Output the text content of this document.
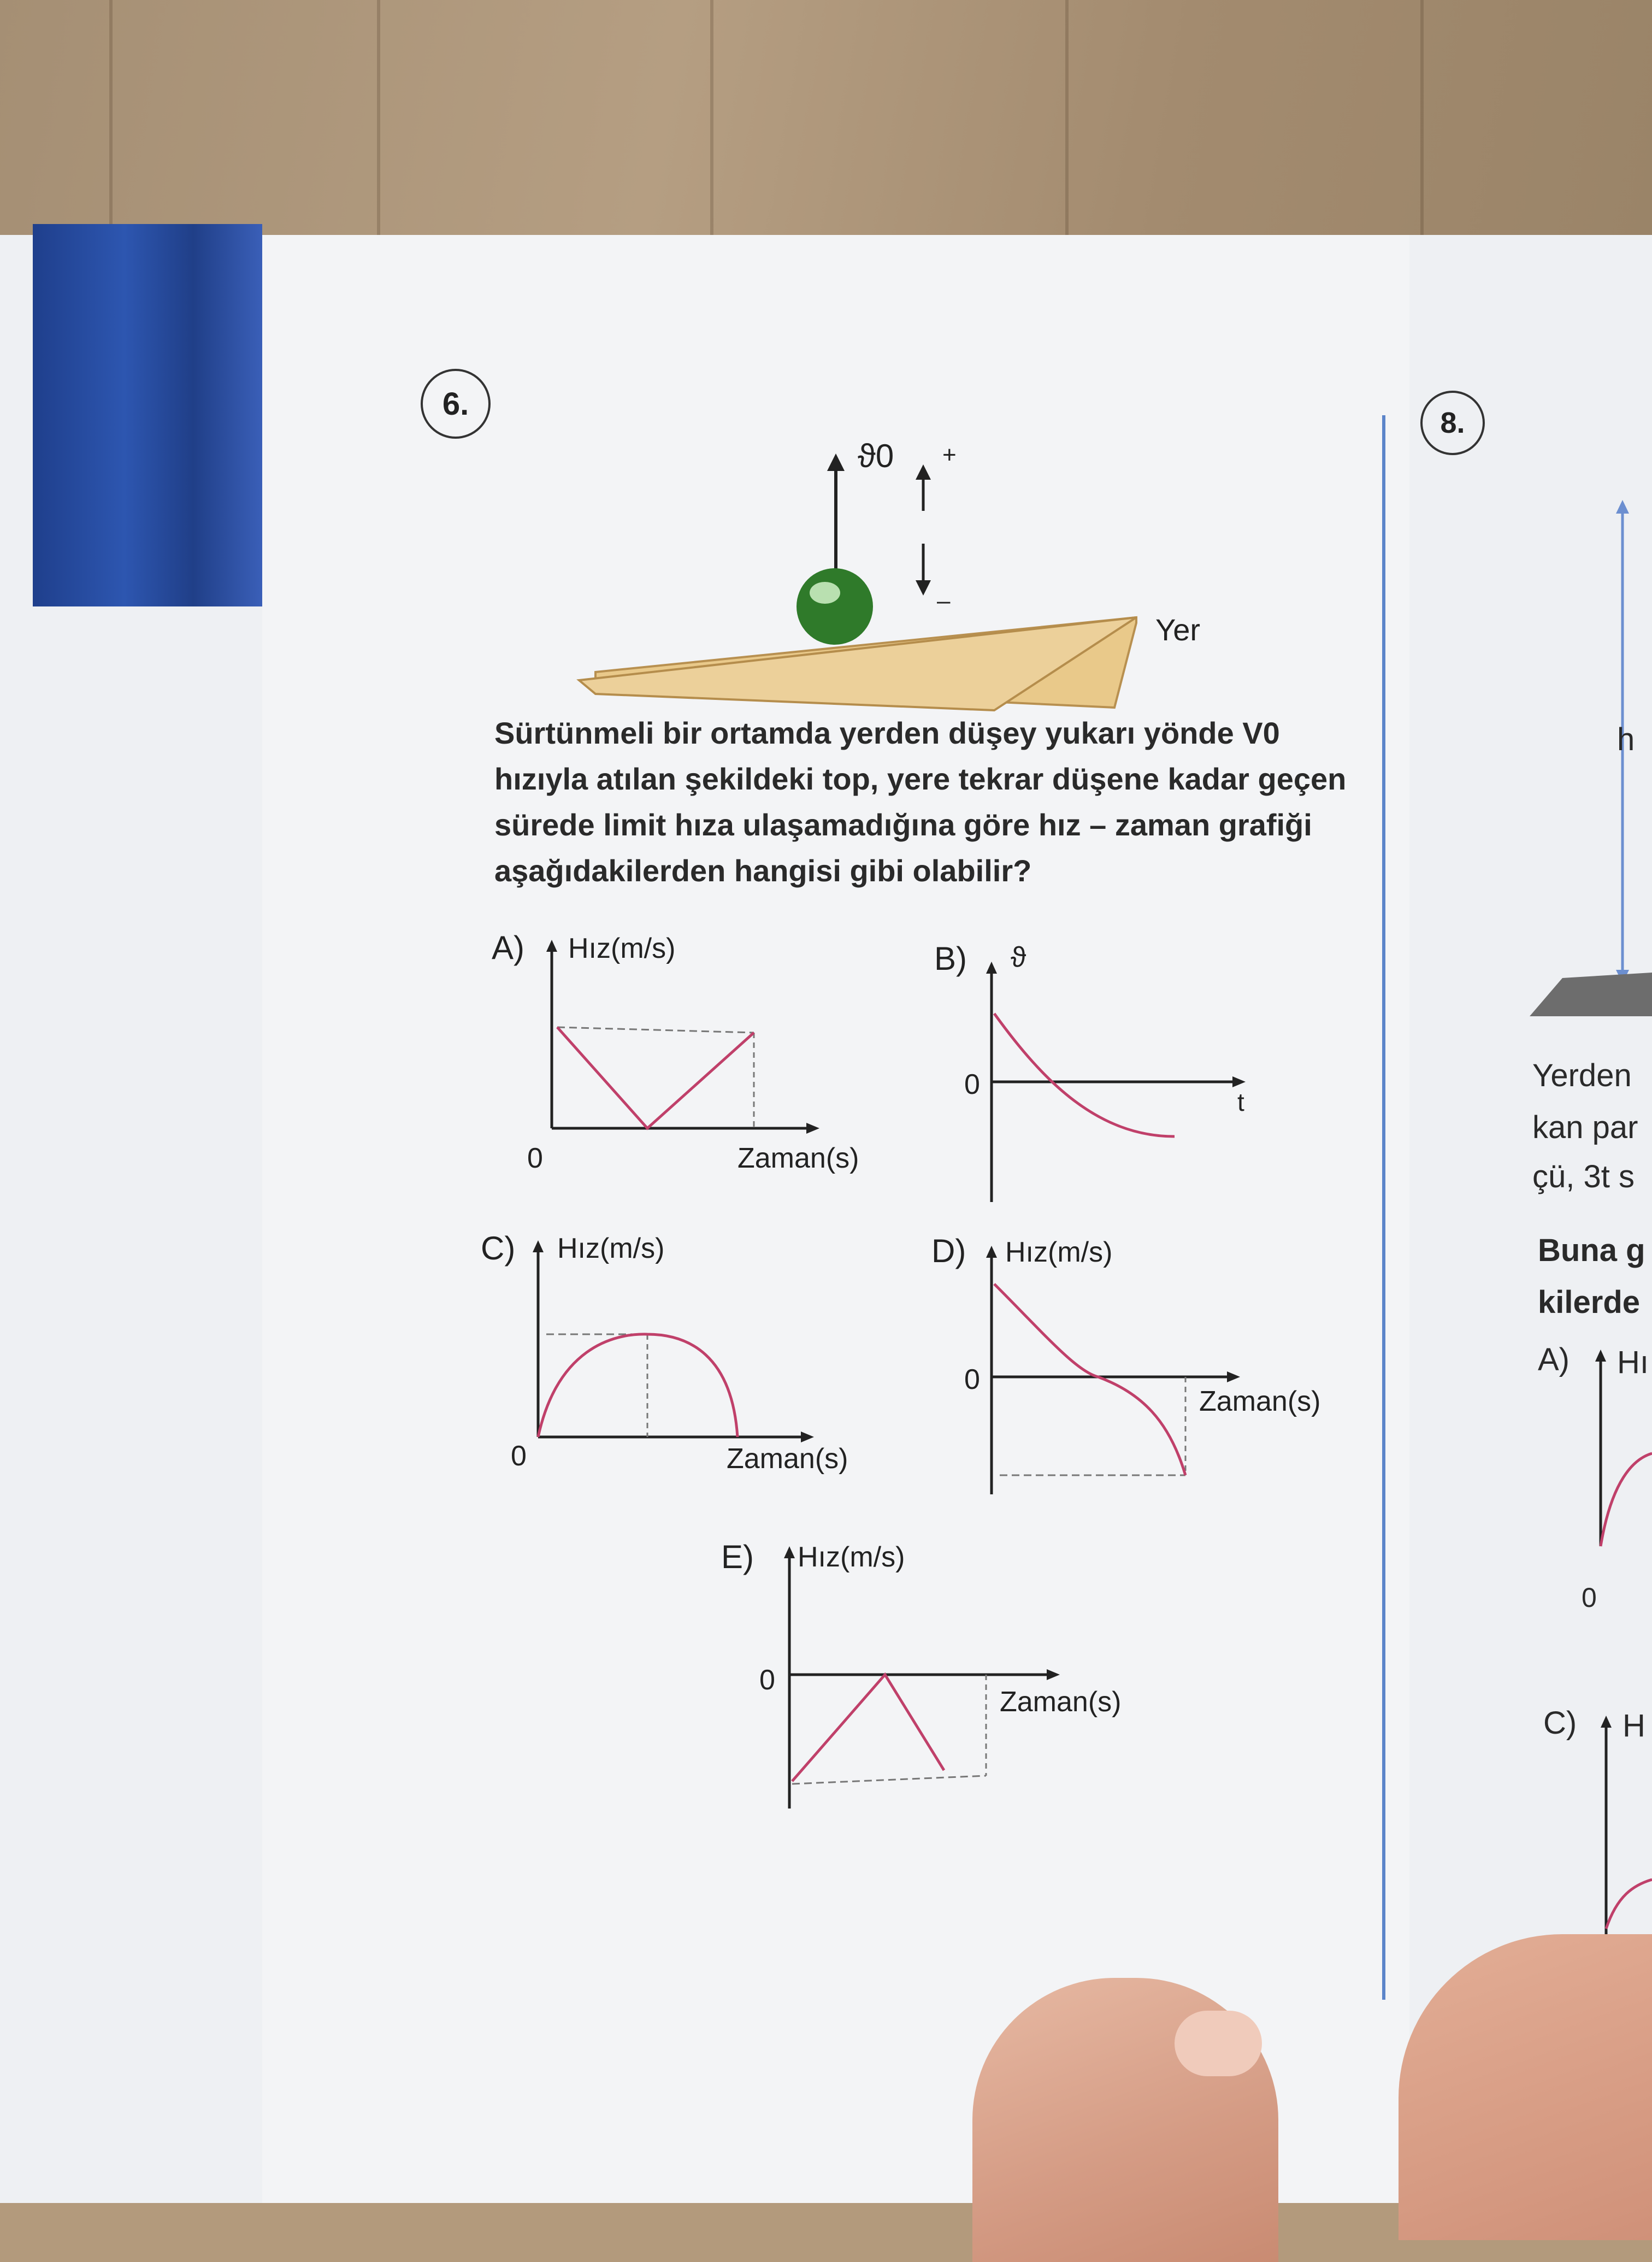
6.
ϑ0 +
–
Yer
Sürtünmeli bir ortamda yerden düşey yukarı yönde V0 hızıyla atılan şekildeki top, yere tekrar düşene kadar geçen sürede limit hıza ulaşamadığına göre hız – zaman grafiği aşağıdakilerden hangisi gibi olabilir?
A) Hız(m/s)
0	Zaman(s)
B) ϑ
0
t
C) Hız(m/s)
0	Zaman(s)
D) Hız(m/s)
0
Zaman(s)
E) Hız(m/s)
0
Zaman(s)
8.
h
Yerden
kan par
çü, 3t s
Buna g
kilerde
A) Hı
0
C) H
